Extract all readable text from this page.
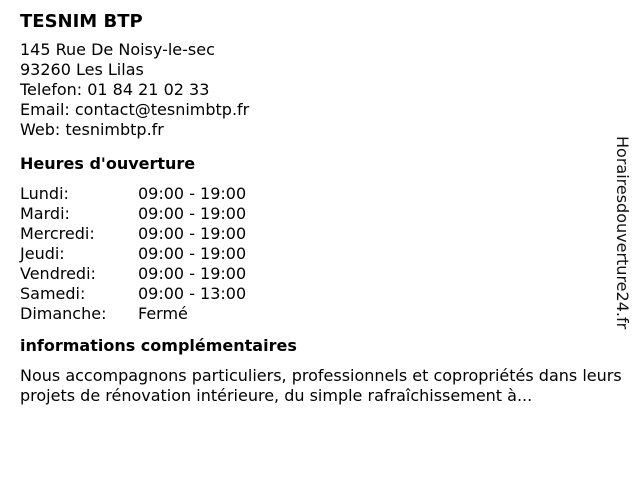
TESNIM BTP
145 Rue De Noisy-le-sec
93260 Les Lilas
Telefon: 01 84 21 02 33
Email: contact@tesnimbtp.fr
Web: tesnimbtp.fr
Heures d'ouverture
Lundi:	09:00 - 19:00
Mardi:	09:00 - 19:00
Mercredi:	09:00 - 19:00
Jeudi:	09:00 - 19:00
Vendredi:	09:00 - 19:00
Samedi:	09:00 - 13:00
Dimanche: Fermé
informations complémentaires
Nous accompagnons particuliers, professionnels et copropriétés dans leurs projets de rénovation intérieure, du simple rafraîchissement à...
Horairesdouverture24.fr
